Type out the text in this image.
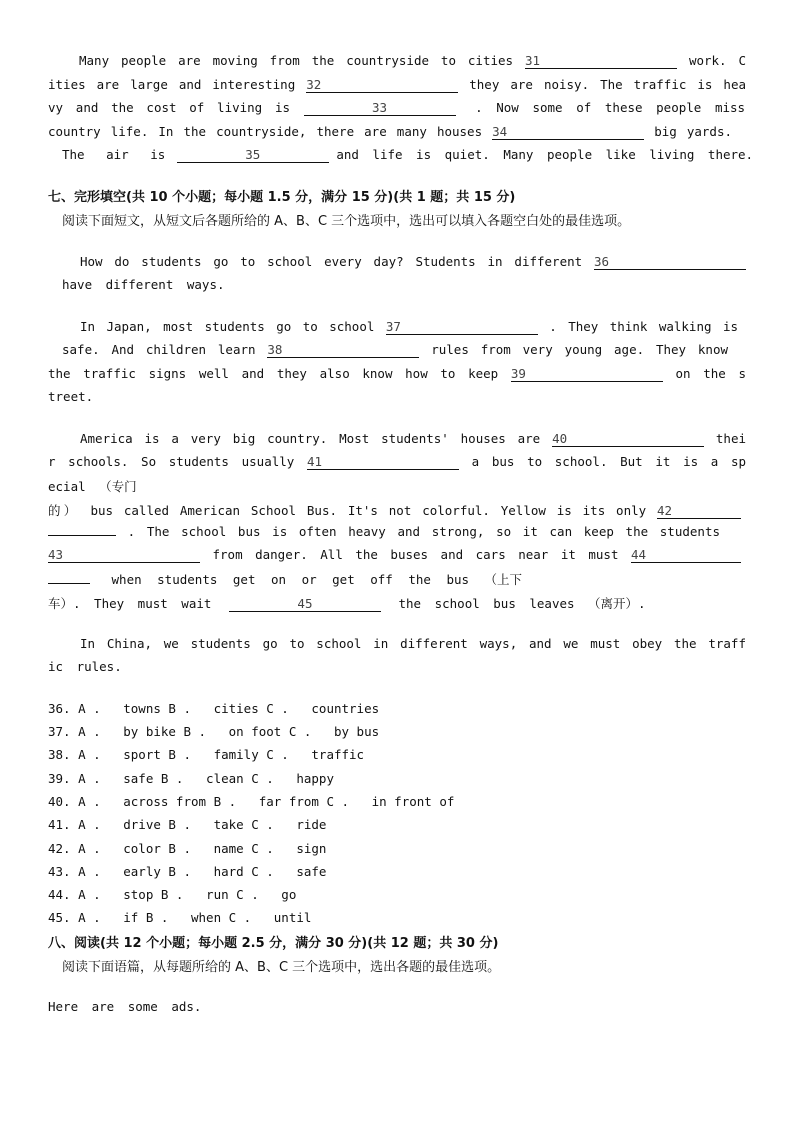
Many people are moving from the countryside to cities 31	work. C
ities are large and interesting 32	they are noisy. The traffic is hea
vy and the cost of living is	33	. Now some of these people miss
country life. In the countryside, there are many houses 34	big yards.
The air is	35	and life is quiet. Many people like living there.
七、完形填空(共 10 个小题；每小题 1.5 分，满分 15 分)(共 1 题；共 15 分)
阅读下面短文，从短文后各题所给的 A、B、C 三个选项中，选出可以填入各题空白处的最佳选项。
How do students go to school every day? Students in different 36
have different ways.
In Japan, most students go to school 37	. They think walking is
safe. And children learn 38	rules from very young age. They know
the traffic signs well and they also know how to keep 39	on the s
treet.
America is a very big country. Most students' houses are 40	thei
r schools. So students usually 41	a bus to school. But it is a sp
ecial （专门
的） bus called American School Bus. It's not colorful. Yellow is its only 42
. The school bus is often heavy and strong, so it can keep the students
43	from danger. All the buses and cars near it must 44
when students get on or get off the bus （上下
车）. They must wait	45	the school bus leaves （离开）.
In China, we students go to school in different ways, and we must obey the traff
ic rules.
36. A .   towns B .   cities C .   countries
37. A .   by bike B .   on foot C .   by bus
38. A .   sport B .   family C .   traffic
39. A .   safe B .   clean C .   happy
40. A .   across from B .   far from C .   in front of
41. A .   drive B .   take C .   ride
42. A .   color B .   name C .   sign
43. A .   early B .   hard C .   safe
44. A .   stop B .   run C .   go
45. A .   if B .   when C .   until
八、阅读(共 12 个小题；每小题 2.5 分，满分 30 分)(共 12 题；共 30 分)
阅读下面语篇，从每题所给的 A、B、C 三个选项中，选出各题的最佳选项。
Here are some ads.
